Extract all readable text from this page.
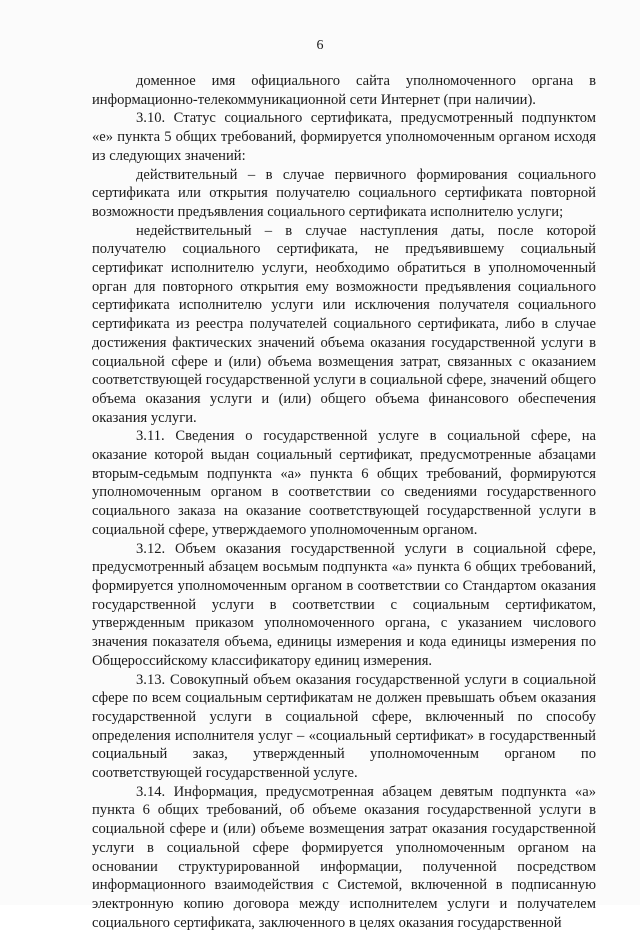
6

доменное имя официального сайта уполномоченного органа в информационно-телекоммуникационной сети Интернет (при наличии).

3.10. Статус социального сертификата, предусмотренный подпунктом «е» пункта 5 общих требований, формируется уполномоченным органом исходя из следующих значений:

действительный – в случае первичного формирования социального сертификата или открытия получателю социального сертификата повторной возможности предъявления социального сертификата исполнителю услуги;

недействительный – в случае наступления даты, после которой получателю социального сертификата, не предъявившему социальный сертификат исполнителю услуги, необходимо обратиться в уполномоченный орган для повторного открытия ему возможности предъявления социального сертификата исполнителю услуги или исключения получателя социального сертификата из реестра получателей социального сертификата, либо в случае достижения фактических значений объема оказания государственной услуги в социальной сфере и (или) объема возмещения затрат, связанных с оказанием соответствующей государственной услуги в социальной сфере, значений общего объема оказания услуги и (или) общего объема финансового обеспечения оказания услуги.

3.11. Сведения о государственной услуге в социальной сфере, на оказание которой выдан социальный сертификат, предусмотренные абзацами вторым-седьмым подпункта «а» пункта 6 общих требований, формируются уполномоченным органом в соответствии со сведениями государственного социального заказа на оказание соответствующей государственной услуги в социальной сфере, утверждаемого уполномоченным органом.

3.12. Объем оказания государственной услуги в социальной сфере, предусмотренный абзацем восьмым подпункта «а» пункта 6 общих требований, формируется уполномоченным органом в соответствии со Стандартом оказания государственной услуги в соответствии с социальным сертификатом, утвержденным приказом уполномоченного органа, с указанием числового значения показателя объема, единицы измерения и кода единицы измерения по Общероссийскому классификатору единиц измерения.

3.13. Совокупный объем оказания государственной услуги в социальной сфере по всем социальным сертификатам не должен превышать объем оказания государственной услуги в социальной сфере, включенный по способу определения исполнителя услуг – «социальный сертификат» в государственный социальный заказ, утвержденный уполномоченным органом по соответствующей государственной услуге.

3.14. Информация, предусмотренная абзацем девятым подпункта «а» пункта 6 общих требований, об объеме оказания государственной услуги в социальной сфере и (или) объеме возмещения затрат оказания государственной услуги в социальной сфере формируется уполномоченным органом на основании структурированной информации, полученной посредством информационного взаимодействия с Системой, включенной в подписанную электронную копию договора между исполнителем услуги и получателем социального сертификата, заключенного в целях оказания государственной
